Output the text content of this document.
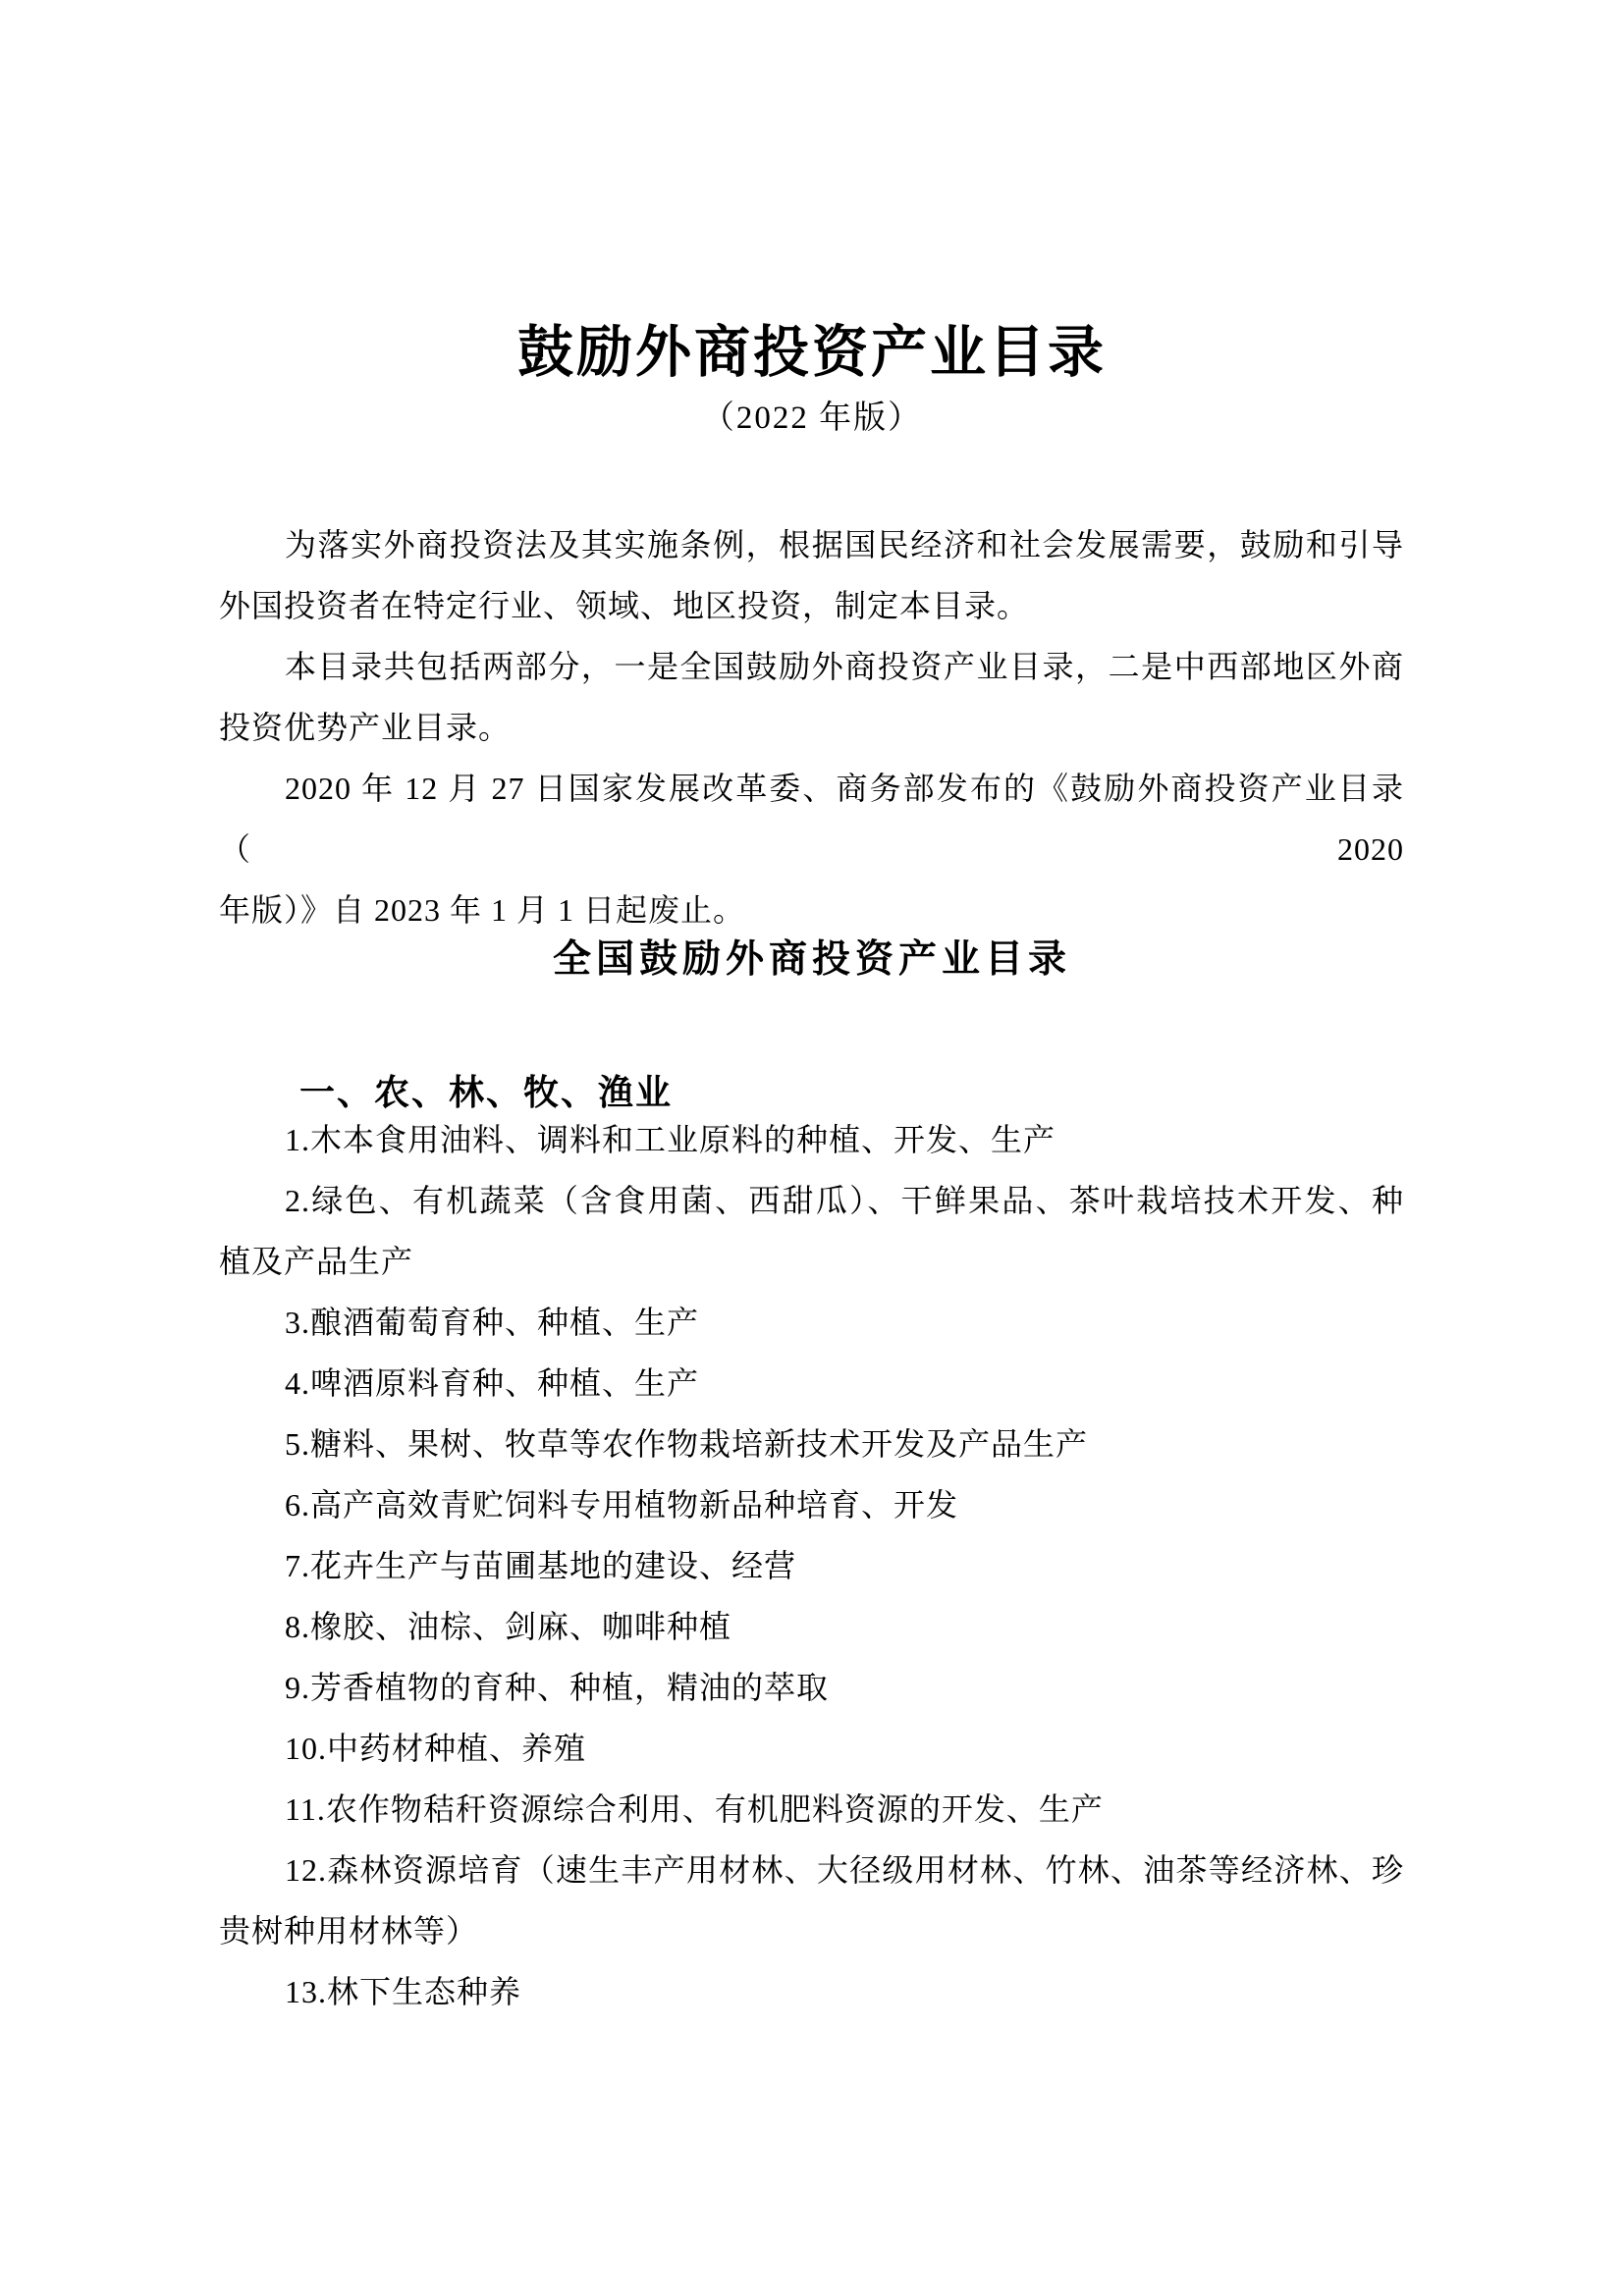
鼓励外商投资产业目录
（2022 年版）
为落实外商投资法及其实施条例，根据国民经济和社会发展需要，鼓励和引导
外国投资者在特定行业、领域、地区投资，制定本目录。
本目录共包括两部分，一是全国鼓励外商投资产业目录，二是中西部地区外商
投资优势产业目录。
2020 年 12 月 27 日国家发展改革委、商务部发布的《鼓励外商投资产业目录（2020
年版）》自 2023 年 1 月 1 日起废止。
全国鼓励外商投资产业目录
一、农、林、牧、渔业
1.木本食用油料、调料和工业原料的种植、开发、生产
2.绿色、有机蔬菜（含食用菌、西甜瓜）、干鲜果品、茶叶栽培技术开发、种
植及产品生产
3.酿酒葡萄育种、种植、生产
4.啤酒原料育种、种植、生产
5.糖料、果树、牧草等农作物栽培新技术开发及产品生产
6.高产高效青贮饲料专用植物新品种培育、开发
7.花卉生产与苗圃基地的建设、经营
8.橡胶、油棕、剑麻、咖啡种植
9.芳香植物的育种、种植，精油的萃取
10.中药材种植、养殖
11.农作物秸秆资源综合利用、有机肥料资源的开发、生产
12.森林资源培育（速生丰产用材林、大径级用材林、竹林、油茶等经济林、珍
贵树种用材林等）
13.林下生态种养
